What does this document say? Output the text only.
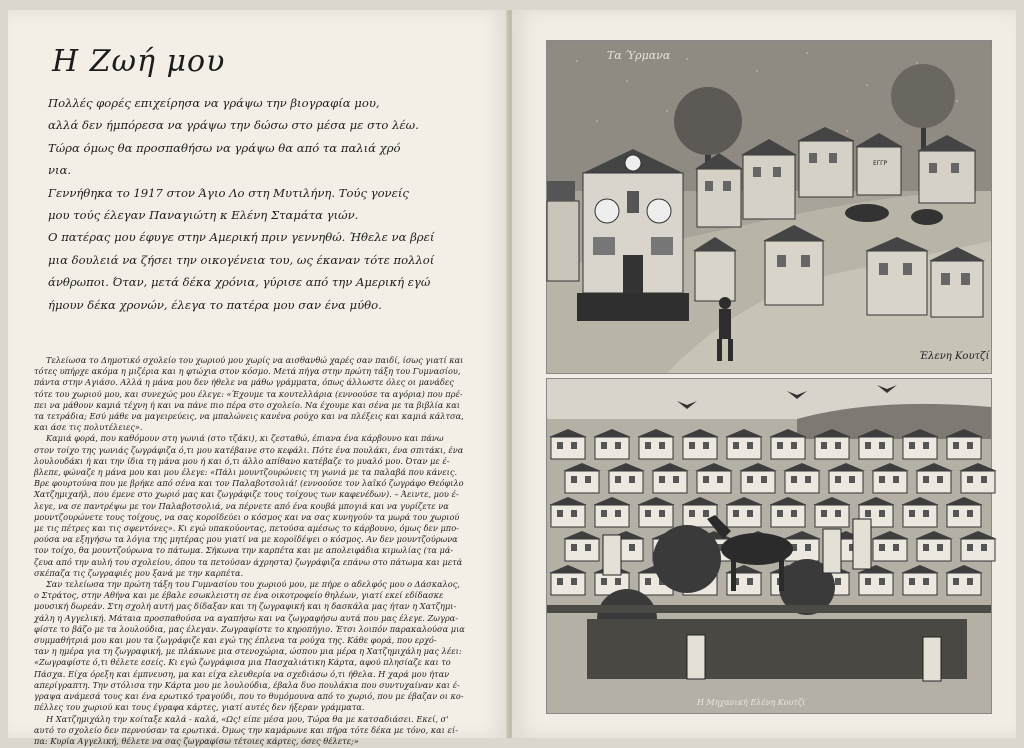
Η Ζωή μου
Πολλές φορές επιχείρησα να γράψω την βιογραφία μου,
αλλά δεν ήμπόρεσα να γράψω την δώσω στο μέσα με στο λέω.
Τώρα όμως θα προσπαθήσω να γράψω θα από τα παλιά χρό
νια.
Γεννήθηκα το 1917 στον Άγιο Λο στη Μυτιλήνη. Τούς γονείς
μου τούς έλεγαν Παναγιώτη κ Ελένη Σταμάτα γιών.
Ο πατέρας μου έφυγε στην Αμερική πριν γεννηθώ. Ήθελε να βρεί
μια δουλειά να ζήσει την οικογένεια του, ως έκαναν τότε πολλοί
άνθρωποι. Όταν, μετά δέκα χρόνια, γύρισε από την Αμερική εγώ
ήμουν δέκα χρονών, έλεγα το πατέρα μου σαν ένα μύθο.
Τελείωσα το Δημοτικό σχολείο του χωριού μου χωρίς να αισθανθώ χαρές σαν παιδί, ίσως γιατί και
τότες υπήρχε ακόμα η μιζέρια και η φτώχια στον κόσμο. Μετά πήγα στην πρώτη τάξη του Γυμνασίου,
πάντα στην Αγιάσο. Αλλά η μάνα μου δεν ήθελε να μάθω γράμματα, όπως άλλωστε όλες οι μανάδες
τότε του χωριού μου, και συνεχώς μου έλεγε: «Έχουμε τα κουτελλάρια (εννοούσε τα αγόρια) που πρέ-
πει να μάθουν καμιά τέχνη ή και να πάνε πιο πέρα στο σχολείο. Να έχουμε και σένα με τα βιβλία και
τα τετράδια; Εσύ μάθε να μαγειρεύεις, να μπαλώνεις κανένα ρούχο και να πλέξεις και καμιά κάλτσα,
και άσε τις πολυτέλειες».
Καμιά φορά, που καθόμουν στη γωνιά (στο τζάκι), κι ζεσταθώ, έπιανα ένα κάρβουνο και πάνω
στον τοίχο της γωνιάς ζωγράφιζα ό,τι μου κατέβαινε στο κεφάλι. Πότε ένα πουλάκι, ένα σπιτάκι, ένα
λουλουδάκι ή και την ίδια τη μάνα μου ή και ό,τι άλλο απίθανο κατέβαζε το μυαλό μου. Όταν με έ-
βλεπε, φώναζε η μάνα μου και μου έλεγε: «Πάλι μουντζουρώνεις τη γωνιά με τα παλαβά που κάνεις.
Βρε φουρτούνα που με βρήκε από σένα και τον Παλαβοτσολιά! (εννοούσε τον λαϊκό ζωγράφο Θεόφιλο
Χατζημιχαήλ, που έμενε στο χωριό μας και ζωγράφιζε τους τοίχους των καφενέδων). – Άειντε, μου έ-
λεγε, να σε παντρέψω με τον Παλαβοτσολιά, να πέρνετε από ένα κουβά μπογιά και να γυρίζετε να
μουντζουρώνετε τους τοίχους, να σας κοροϊδεύει ο κόσμος και να σας κυνηγούν τα μωρά του χωριού
με τις πέτρες και τις σφεντόνες». Κι εγώ υπακούοντας, πετούσα αμέσως το κάρβουνο, όμως δεν μπο-
ρούσα να εξηγήσω τα λόγια της μητέρας μου γιατί να με κοροϊδέψει ο κόσμος. Αν δεν μουντζούρωνα
τον τοίχο, θα μουντζούρωνα το πάτωμα. Σήκωνα την καρπέτα και με απολειφάδια κιμωλίας (τα μά-
ζευα από την αυλή του σχολείου, όπου τα πετούσαν άχρηστα) ζωγράφιζα επάνω στο πάτωμα και μετά
σκέπαζα τις ζωγραφιές μου ξανά με την καρπέτα.
Σαν τελείωσα την πρώτη τάξη του Γυμνασίου του χωριού μου, με πήρε ο αδελφός μου ο Δάσκαλος,
ο Στράτος, στην Αθήνα και με έβαλε εσωκλειστη σε ένα οικοτροφείο θηλέων, γιατί εκεί εδίδασκε
μουσική δωρεάν. Στη σχολή αυτή μας δίδαξαν και τη ζωγραφική και η δασκάλα μας ήταν η Χατζημι-
χάλη η Αγγελική. Μάταια προσπαθούσα να αγαπήσω και να ζωγραφήσω αυτά που μας έλεγε. Ζωγρα-
φίστε το βάζο με τα λουλούδια, μας έλεγαν. Ζωγραφίστε το κηροπήγιο. Έτσι λοιπόν παρακαλούσα μια
συμμαθήτριά μου και μου τα ζωγράφιζε και εγώ της έπλενα τα ρούχα της. Κάθε φορά, που ερχό-
ταν η ημέρα για τη ζωγραφική, με πλάκωνε μια στενοχώρια, ώσπου μια μέρα η Χατζημιχάλη μας λέει:
«Ζωγραφίστε ό,τι θέλετε εσείς. Κι εγώ ζωγράφισα μια Πασχαλιάτικη Κάρτα, αφού πλησίαζε και το
Πάσχα. Είχα όρεξη και έμπνευση, μα και είχα ελευθερία να σχεδιάσω ό,τι ήθελα. Η χαρά μου ήταν
απερίγραπτη. Την στόλισα την Κάρτα μου με λουλούδια, έβαλα δυο πουλάκια που συντυχαίναν και έ-
γραψα ανάμεσά τους και ένα ερωτικό τραγούδι, που το θυμόμουνα από το χωριό, που με έβαζαν οι κο-
πέλλες του χωριού και τους έγραφα κάρτες, γιατί αυτές δεν ήξεραν γράμματα.
Η Χατζημιχάλη την κοίταξε καλά - καλά, «Ως! είπε μέσα μου, Τώρα θα με κατσαδιάσει. Εκεί, σ'
αυτό το σχολείο δεν περνούσαν τα ερωτικά. Όμως την καμάρωνε και πήρα τότε δέκα με τόνο, και εί-
πα: Κυρία Αγγελική, θέλετε να σας ζωγραφίσω τέτοιες κάρτες, όσες θέλετε;»
Τα Ύρμανα
Έλενη Κουτζί
ΕΓΓΡ
Η Μηχανική Ελένη Κουτζί
